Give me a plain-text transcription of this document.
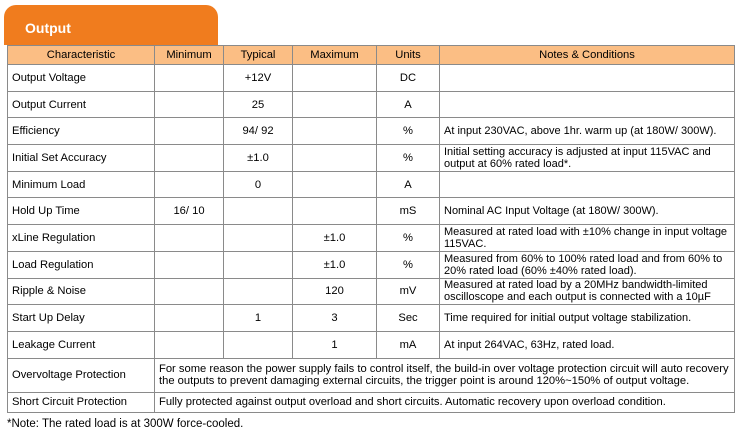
Output
Characteristic	Minimum	Typical	Maximum	Units	Notes & Conditions
Output Voltage		+12V		DC	
Output Current		25		A	
Efficiency		94/ 92		%	At input 230VAC, above 1hr. warm up (at 180W/ 300W).
Initial Set Accuracy		±1.0		%	Initial setting accuracy is adjusted at input 115VAC and output at 60% rated load*.
Minimum Load		0		A	
Hold Up Time	16/ 10			mS	Nominal AC Input Voltage (at 180W/ 300W).
xLine Regulation			±1.0	%	Measured at rated load with ±10% change in input voltage 115VAC.
Load Regulation			±1.0	%	Measured from 60% to 100% rated load and from 60% to 20% rated load (60% ±40% rated load).
Ripple & Noise			120	mV	Measured at rated load by a 20MHz bandwidth-limited oscilloscope and each output is connected with a 10µF
Start Up Delay		1	3	Sec	Time required for initial output voltage stabilization.
Leakage Current			1	mA	At input 264VAC, 63Hz, rated load.
Overvoltage Protection	For some reason the power supply fails to control itself, the build-in over voltage protection circuit will auto recovery the outputs to prevent damaging external circuits, the trigger point is around 120%~150% of output voltage.				
Short Circuit Protection	Fully protected against output overload and short circuits. Automatic recovery upon overload condition.				
*Note: The rated load is at 300W force-cooled.
